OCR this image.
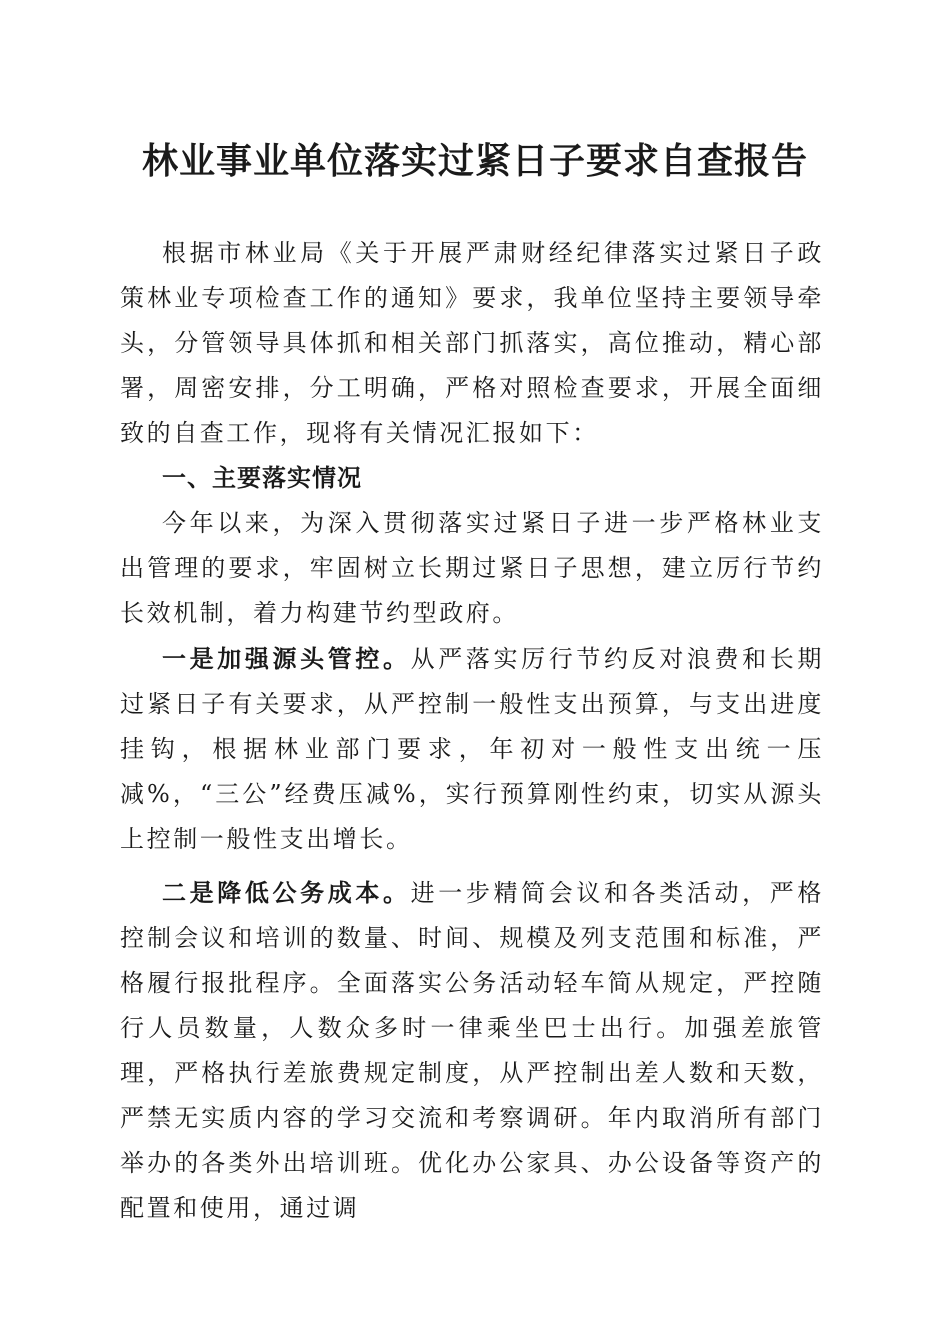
林业事业单位落实过紧日子要求自查报告

根据市林业局《关于开展严肃财经纪律落实过紧日子政策林业专项检查工作的通知》要求，我单位坚持主要领导牵头，分管领导具体抓和相关部门抓落实，高位推动，精心部署，周密安排，分工明确，严格对照检查要求，开展全面细致的自查工作，现将有关情况汇报如下：

一、主要落实情况

今年以来，为深入贯彻落实过紧日子进一步严格林业支出管理的要求，牢固树立长期过紧日子思想，建立厉行节约长效机制，着力构建节约型政府。

一是加强源头管控。从严落实厉行节约反对浪费和长期过紧日子有关要求，从严控制一般性支出预算，与支出进度挂钩，根据林业部门要求，年初对一般性支出统一压减%，“三公”经费压减%，实行预算刚性约束，切实从源头上控制一般性支出增长。

二是降低公务成本。进一步精简会议和各类活动，严格控制会议和培训的数量、时间、规模及列支范围和标准，严格履行报批程序。全面落实公务活动轻车简从规定，严控随行人员数量，人数众多时一律乘坐巴士出行。加强差旅管理，严格执行差旅费规定制度，从严控制出差人数和天数，严禁无实质内容的学习交流和考察调研。年内取消所有部门举办的各类外出培训班。优化办公家具、办公设备等资产的配置和使用，通过调
